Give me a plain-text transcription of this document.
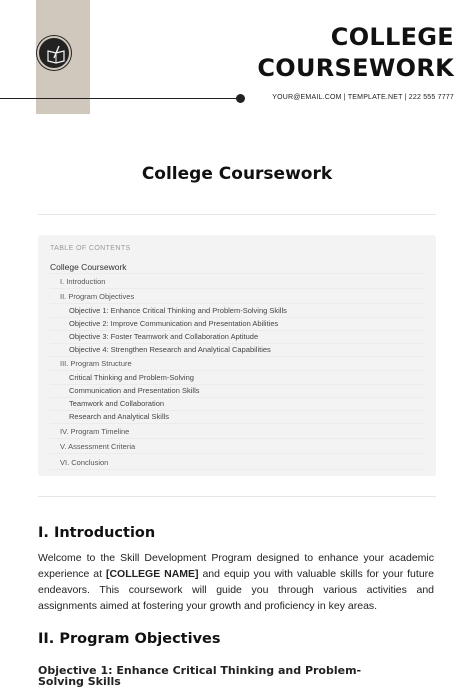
COLLEGE
COURSEWORK
YOUR@EMAIL.COM | TEMPLATE.NET | 222 555 7777
College Coursework
TABLE OF CONTENTS
College Coursework
I. Introduction
II. Program Objectives
Objective 1: Enhance Critical Thinking and Problem-Solving Skills
Objective 2: Improve Communication and Presentation Abilities
Objective 3: Foster Teamwork and Collaboration Aptitude
Objective 4: Strengthen Research and Analytical Capabilities
III. Program Structure
Critical Thinking and Problem-Solving
Communication and Presentation Skills
Teamwork and Collaboration
Research and Analytical Skills
IV. Program Timeline
V. Assessment Criteria
VI. Conclusion
I. Introduction
Welcome to the Skill Development Program designed to enhance your academic experience at [COLLEGE NAME] and equip you with valuable skills for your future endeavors. This coursework will guide you through various activities and assignments aimed at fostering your growth and proficiency in key areas.
II. Program Objectives
Objective 1: Enhance Critical Thinking and Problem-Solving Skills
